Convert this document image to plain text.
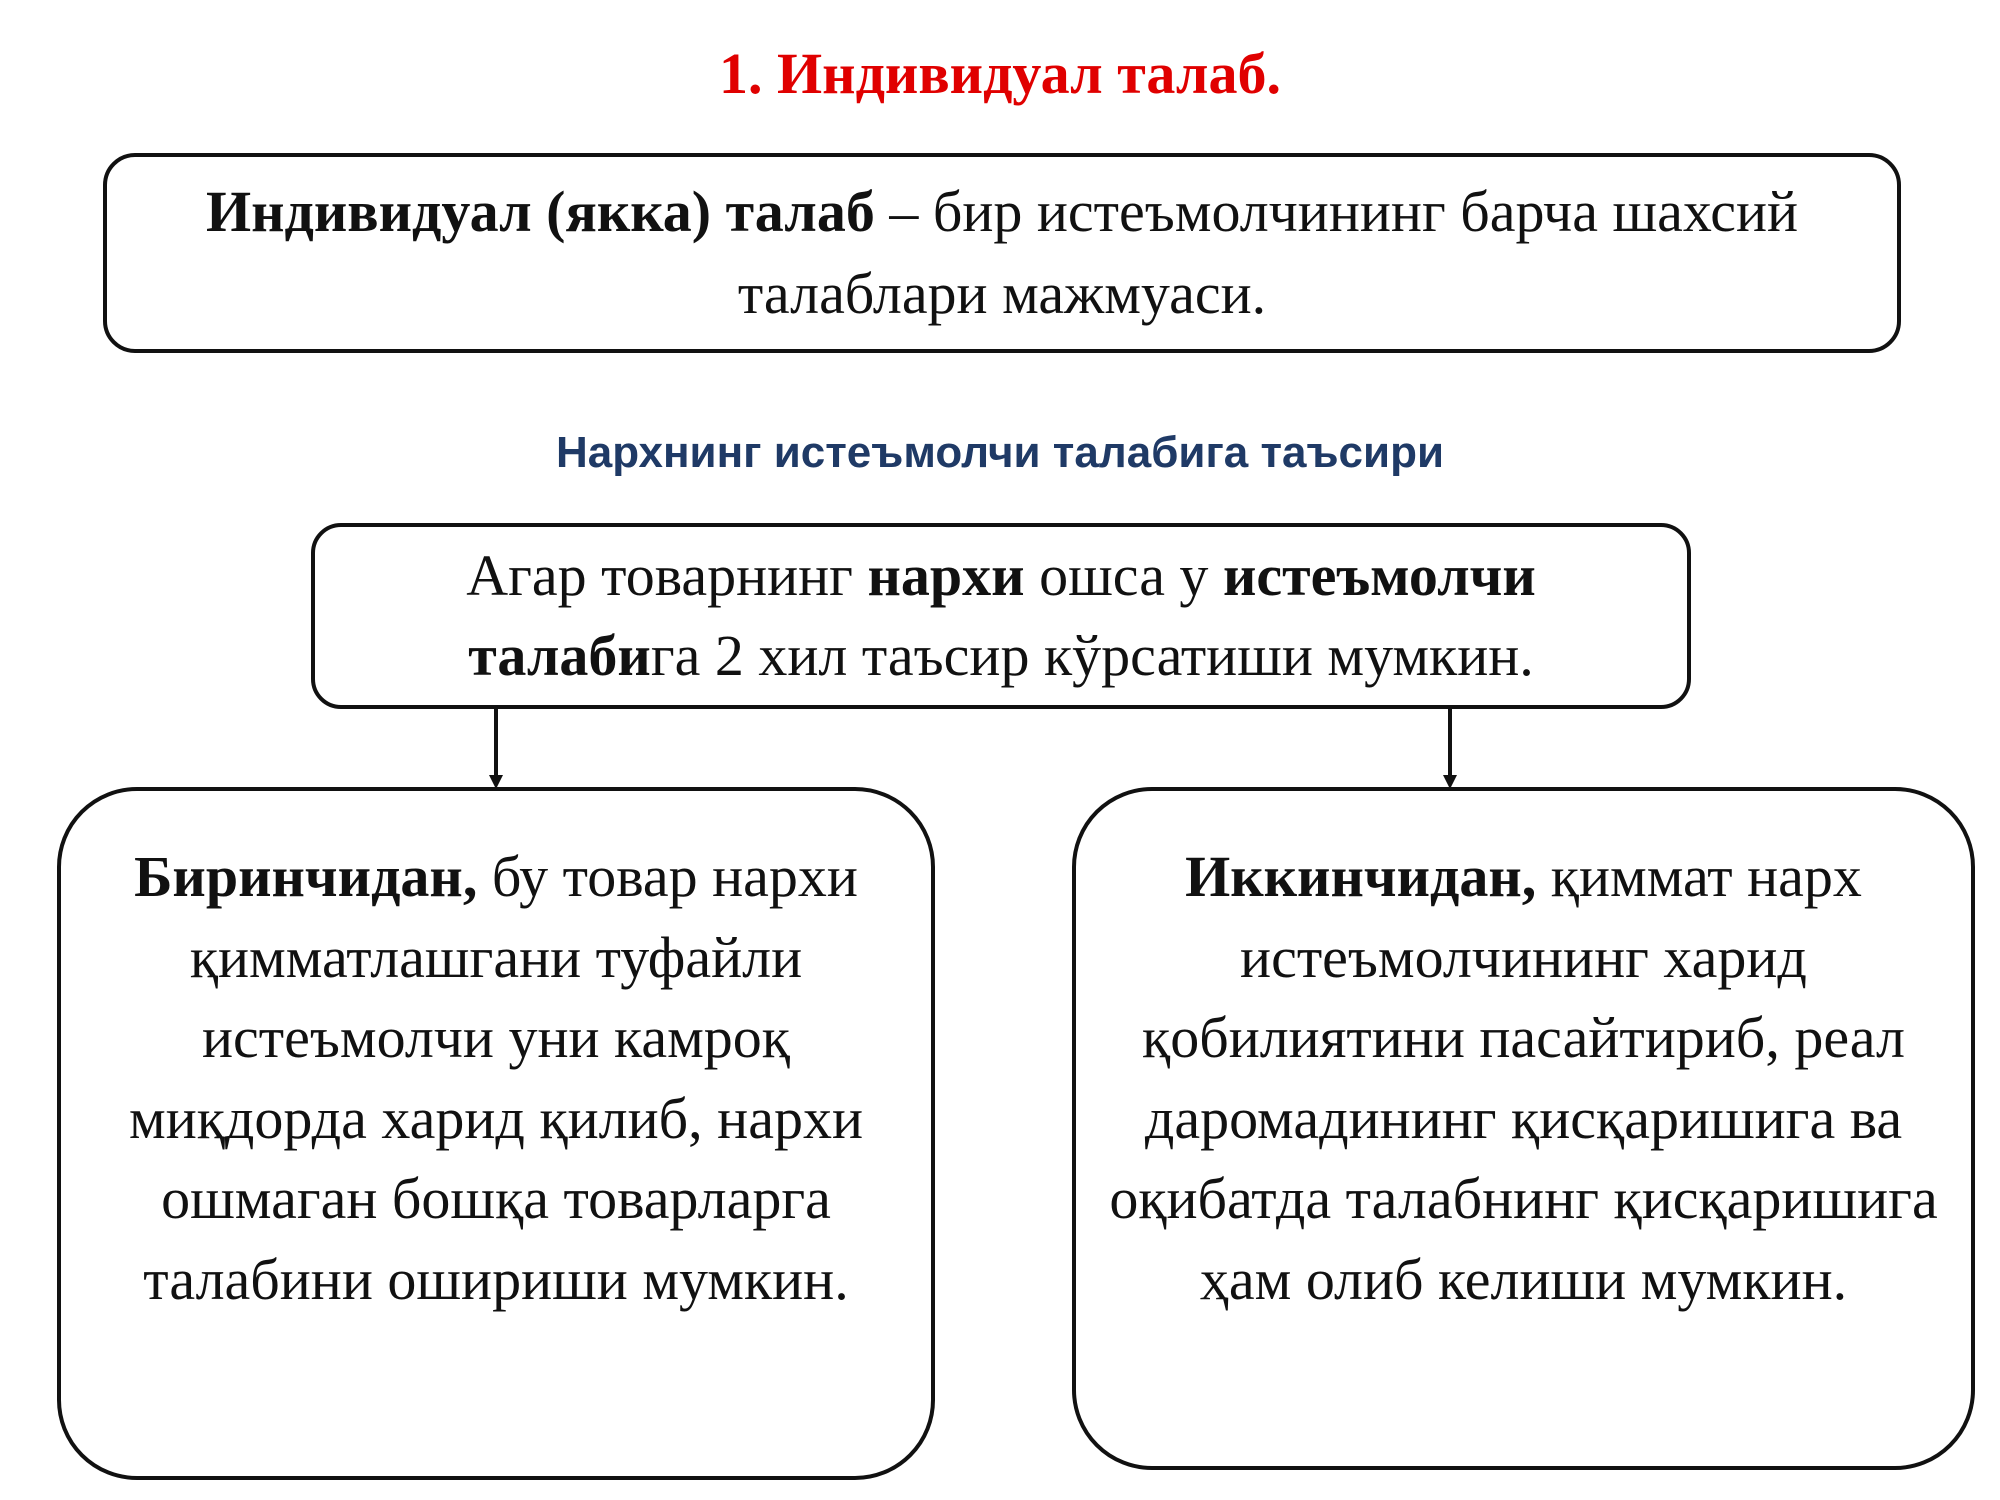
1. Индивидуал талаб.
Индивидуал (якка) талаб – бир истеъмолчининг барча шахсий талаблари мажмуаси.
Нархнинг истеъмолчи талабига таъсири
Агар товарнинг нархи ошса у истеъмолчи талабига 2 хил таъсир кўрсатиши мумкин.
Биринчидан, бу товар нархи қимматлашгани туфайли истеъмолчи уни камроқ миқдорда харид қилиб, нархи ошмаган бошқа товарларга талабини ошириши мумкин.
Иккинчидан, қиммат нарх истеъмолчининг харид қобилиятини пасайтириб, реал даромадининг қисқаришига ва оқибатда талабнинг қисқаришига ҳам олиб келиши мумкин.
